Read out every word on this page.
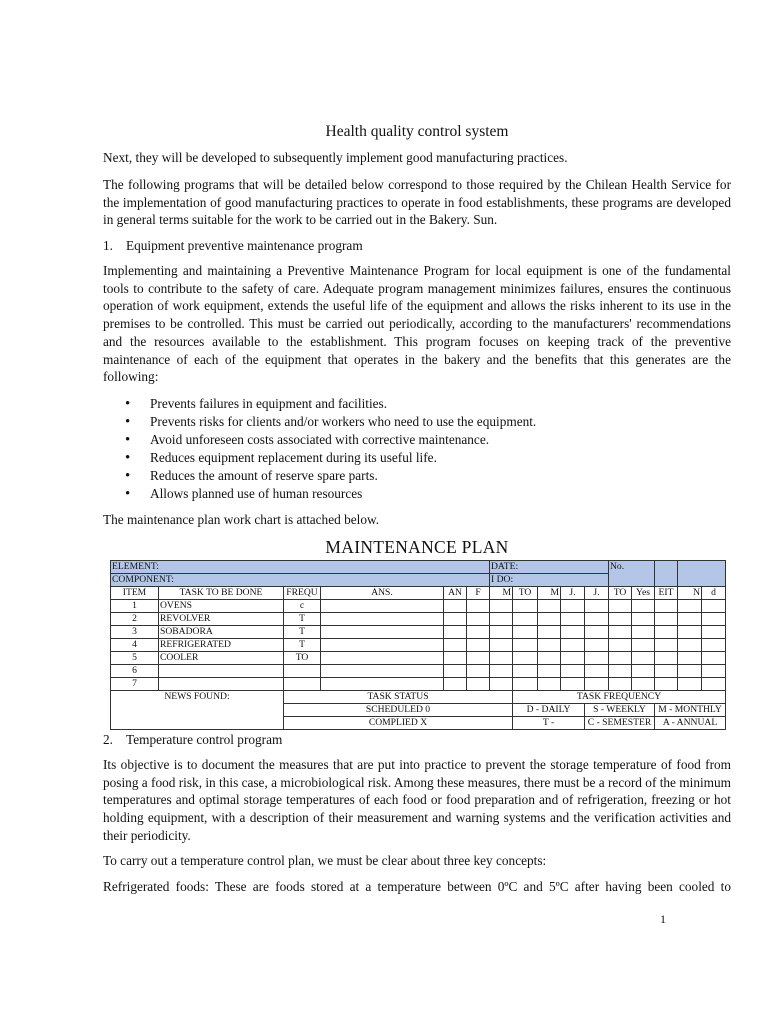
Health quality control system
Next, they will be developed to subsequently implement good manufacturing practices.
The following programs that will be detailed below correspond to those required by the Chilean Health Service for the implementation of good manufacturing practices to operate in food establishments, these programs are developed in general terms suitable for the work to be carried out in the Bakery. Sun.
1. Equipment preventive maintenance program
Implementing and maintaining a Preventive Maintenance Program for local equipment is one of the fundamental tools to contribute to the safety of care. Adequate program management minimizes failures, ensures the continuous operation of work equipment, extends the useful life of the equipment and allows the risks inherent to its use in the premises to be controlled. This must be carried out periodically, according to the manufacturers' recommendations and the resources available to the establishment. This program focuses on keeping track of the preventive maintenance of each of the equipment that operates in the bakery and the benefits that this generates are the following:
• Prevents failures in equipment and facilities.
• Prevents risks for clients and/or workers who need to use the equipment.
• Avoid unforeseen costs associated with corrective maintenance.
• Reduces equipment replacement during its useful life.
• Reduces the amount of reserve spare parts.
• Allows planned use of human resources
The maintenance plan work chart is attached below.
MAINTENANCE PLAN
ELEMENT:						DATE:					No.				
COMPONENT:						I DO:									
ITEM	TASK TO BE DONE	FREQU	ANS.	AN	F	M	TO	M	J.	J.	TO	Yes	EIT	N	d
1	OVENS	c													
2	REVOLVER	T													
3	SOBADORA	T													
4	REFRIGERATED	T													
5	COOLER	TO													
6															
7															
NEWS FOUND:		TASK STATUS					TASK FREQUENCY								
		SCHEDULED 0					D - DAILY			S - WEEKLY			M - MONTHLY		
		COMPLIED X					T -			C - SEMESTER			A - ANNUAL		
2. Temperature control program
Its objective is to document the measures that are put into practice to prevent the storage temperature of food from posing a food risk, in this case, a microbiological risk. Among these measures, there must be a record of the minimum temperatures and optimal storage temperatures of each food or food preparation and of refrigeration, freezing or hot holding equipment, with a description of their measurement and warning systems and the verification activities and their periodicity.
To carry out a temperature control plan, we must be clear about three key concepts:
Refrigerated foods: These are foods stored at a temperature between 0ºC and 5ºC after having been cooled to
1
